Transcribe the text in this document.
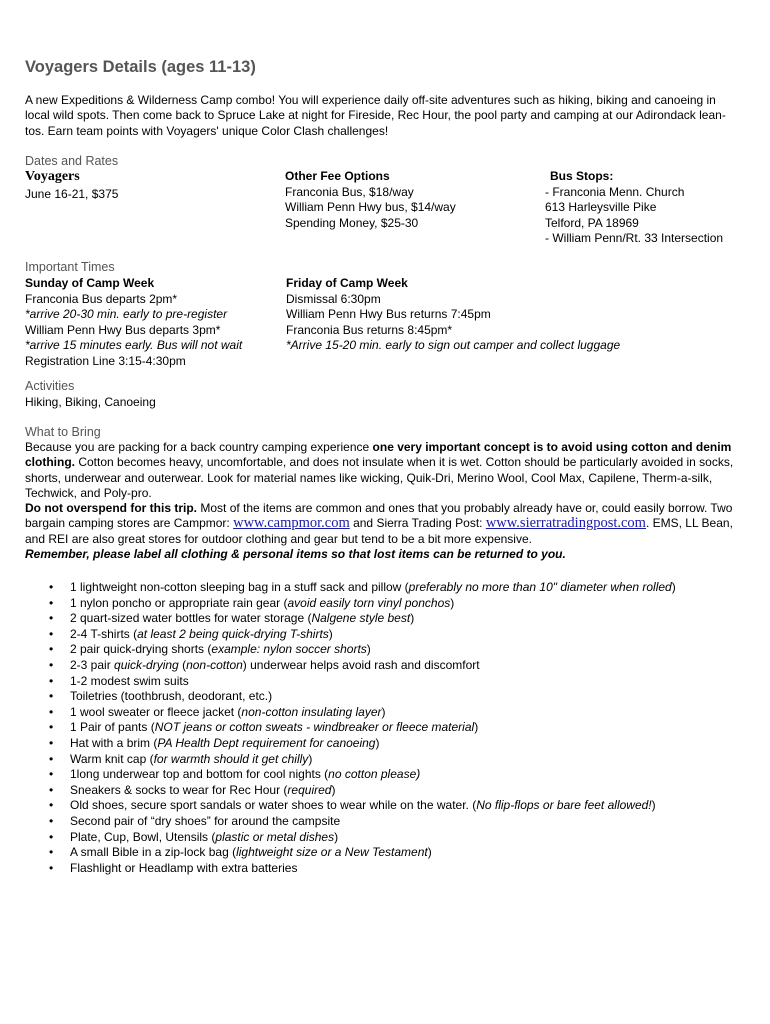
Voyagers Details (ages 11-13)
A new Expeditions & Wilderness Camp combo! You will experience daily off-site adventures such as hiking, biking and canoeing in local wild spots. Then come back to Spruce Lake at night for Fireside, Rec Hour, the pool party and camping at our Adirondack lean-tos. Earn team points with Voyagers' unique Color Clash challenges!
Dates and Rates
Voyagers
June 16-21, $375
Other Fee Options
Franconia Bus, $18/way
William Penn Hwy bus, $14/way
Spending Money, $25-30
Bus Stops:
- Franconia Menn. Church
613 Harleysville Pike
Telford, PA 18969
- William Penn/Rt. 33 Intersection
Important Times
Sunday of Camp Week
Franconia Bus departs 2pm*
*arrive 20-30 min. early to pre-register
William Penn Hwy Bus departs 3pm*
*arrive 15 minutes early. Bus will not wait
Registration Line 3:15-4:30pm
Friday of Camp Week
Dismissal 6:30pm
William Penn Hwy Bus returns 7:45pm
Franconia Bus returns 8:45pm*
*Arrive 15-20 min. early to sign out camper and collect luggage
Activities
Hiking, Biking, Canoeing
What to Bring
Because you are packing for a back country camping experience one very important concept is to avoid using cotton and denim clothing. Cotton becomes heavy, uncomfortable, and does not insulate when it is wet. Cotton should be particularly avoided in socks, shorts, underwear and outerwear. Look for material names like wicking, Quik-Dri, Merino Wool, Cool Max, Capilene, Therm-a-silk, Techwick, and Poly-pro.
Do not overspend for this trip. Most of the items are common and ones that you probably already have or, could easily borrow. Two bargain camping stores are Campmor: www.campmor.com and Sierra Trading Post: www.sierratradingpost.com. EMS, LL Bean, and REI are also great stores for outdoor clothing and gear but tend to be a bit more expensive.
Remember, please label all clothing & personal items so that lost items can be returned to you.
• 1 lightweight non-cotton sleeping bag in a stuff sack and pillow (preferably no more than 10" diameter when rolled)
• 1 nylon poncho or appropriate rain gear (avoid easily torn vinyl ponchos)
• 2 quart-sized water bottles for water storage (Nalgene style best)
• 2-4 T-shirts (at least 2 being quick-drying T-shirts)
• 2 pair quick-drying shorts (example: nylon soccer shorts)
• 2-3 pair quick-drying (non-cotton) underwear helps avoid rash and discomfort
• 1-2 modest swim suits
• Toiletries (toothbrush, deodorant, etc.)
• 1 wool sweater or fleece jacket (non-cotton insulating layer)
• 1 Pair of pants (NOT jeans or cotton sweats - windbreaker or fleece material)
• Hat with a brim (PA Health Dept requirement for canoeing)
• Warm knit cap (for warmth should it get chilly)
• 1long underwear top and bottom for cool nights (no cotton please)
• Sneakers & socks to wear for Rec Hour (required)
• Old shoes, secure sport sandals or water shoes to wear while on the water. (No flip-flops or bare feet allowed!)
• Second pair of “dry shoes” for around the campsite
• Plate, Cup, Bowl, Utensils (plastic or metal dishes)
• A small Bible in a zip-lock bag (lightweight size or a New Testament)
• Flashlight or Headlamp with extra batteries
